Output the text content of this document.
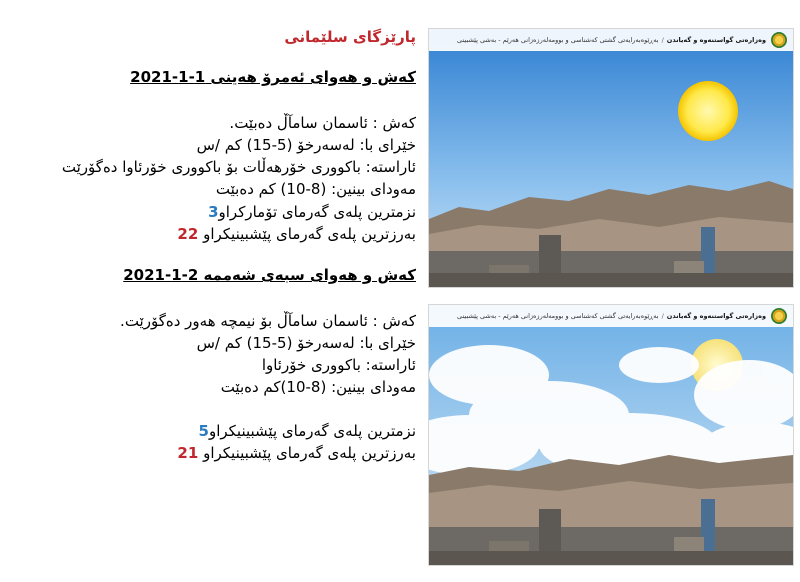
پارێزگای سلێمانی
کەش و هەوای ئەمرۆ هەینی 1-1-2021
کەش : ئاسمان سامآڵ دەبێت.
خێرای با: لەسەرخۆ (5-15) کم /س
ئاراستە: باکووری خۆرهەڵات بۆ باکووری خۆرئاوا دەگۆرێت
مەودای بینین: (8-10) کم دەبێت
نزمترین پلەی گەرمای تۆمارکراو3
بەرزترین پلەی گەرمای پێشبینیکراو 22
کەش و هەوای سبەی شەممە 2-1-2021
کەش : ئاسمان سامآڵ بۆ نیمچە هەور دەگۆرێت.
خێرای با: لەسەرخۆ (5-15) کم /س
ئاراستە: باکووری خۆرئاوا
مەودای بینین: (8-10)کم دەبێت
نزمترین پلەی گەرمای پێشبینیکراو5
بەرزترین پلەی گەرمای پێشبینیکراو 21
وەزارەتی گواستنەوە و گەیاندن
/
بەڕێوەبەرایەتی گشتی کەشناسی و بوومەلەرزەزانی هەرێم - بەشی پێشبینی
وەزارەتی گواستنەوە و گەیاندن
/
بەڕێوەبەرایەتی گشتی کەشناسی و بوومەلەرزەزانی هەرێم - بەشی پێشبینی
